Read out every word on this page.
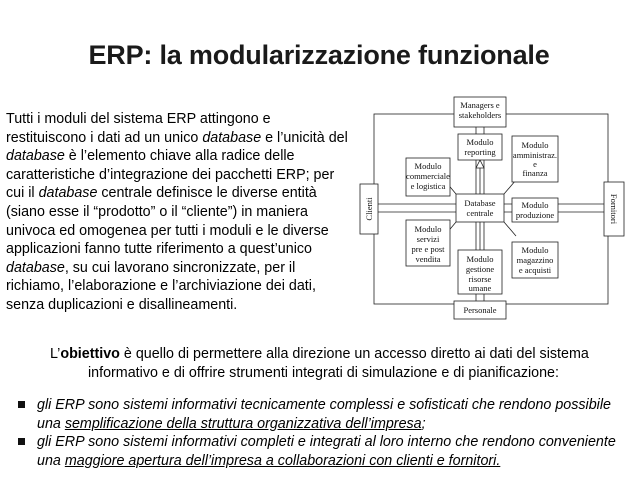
ERP: la modularizzazione funzionale

Tutti i moduli del sistema ERP attingono e restituiscono i dati ad un unico database e l’unicità del database è l’elemento chiave alla radice delle caratteristiche d’integrazione dei pacchetti ERP; per cui il database centrale definisce le diverse entità (siano esse il “prodotto” o il “cliente”) in maniera univoca ed omogenea per tutti i moduli e le diverse applicazioni fanno tutte riferimento a quest’unico database, su cui lavorano sincronizzate, per il richiamo, l’elaborazione e l’archiviazione dei dati, senza duplicazioni e disallineamenti.

Managers e
stakeholders
Personale
Clienti	Fornitori
Database
centrale
Modulo
reporting
Modulo
amministraz.
e
finanza
Modulo
commerciale
e logistica
Modulo
produzione
Modulo
servizi
pre e post
vendita
Modulo
magazzino
e acquisti
Modulo
gestione
risorse
umane
L’obiettivo è quello di permettere alla direzione un accesso diretto ai dati del sistema informativo e di offrire strumenti integrati di simulazione e di pianificazione:
gli ERP sono sistemi informativi tecnicamente complessi e sofisticati che rendono possibile una semplificazione della struttura organizzativa dell’impresa;
gli ERP sono sistemi informativi completi e integrati al loro interno che rendono conveniente una maggiore apertura dell’impresa a collaborazioni con clienti e fornitori.
